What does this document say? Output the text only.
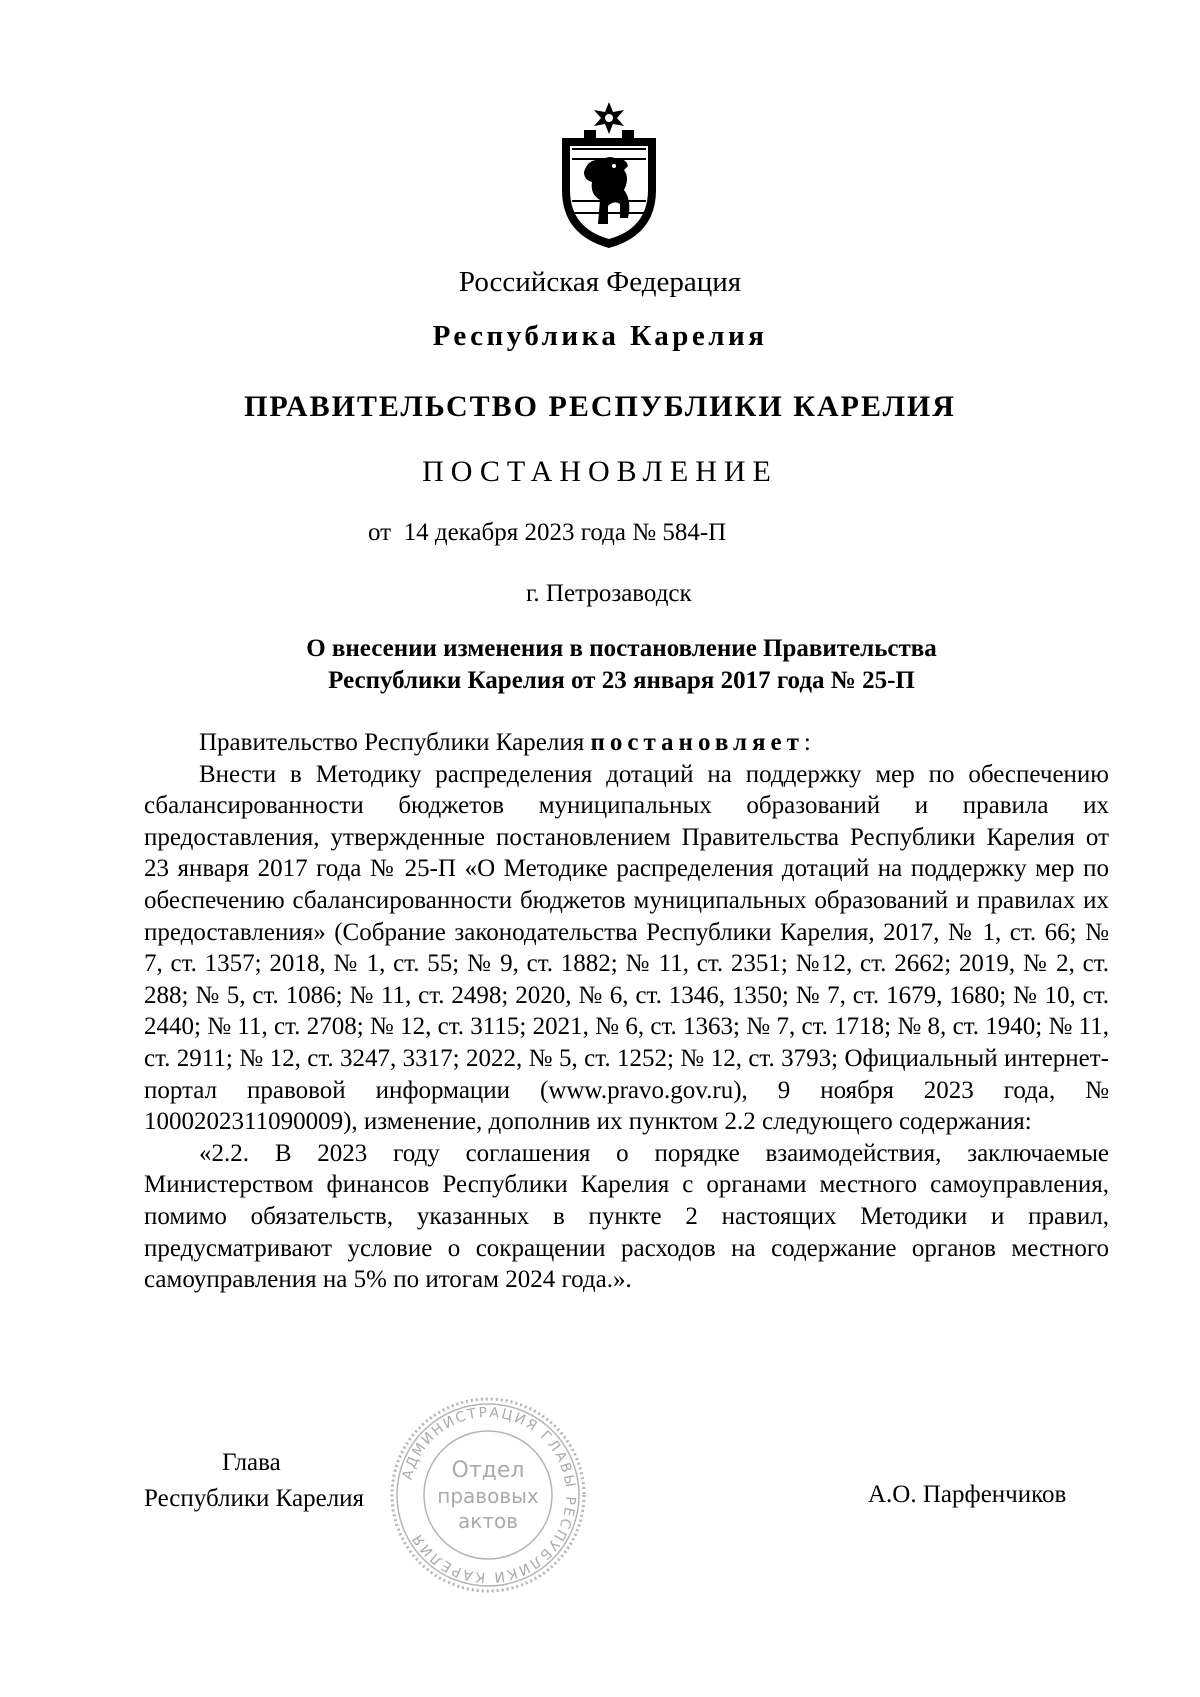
Российская Федерация
Республика Карелия
ПРАВИТЕЛЬСТВО РЕСПУБЛИКИ КАРЕЛИЯ
ПОСТАНОВЛЕНИЕ
от  14 декабря 2023 года № 584-П
г. Петрозаводск
О внесении изменения в постановление Правительства
Республики Карелия от 23 января 2017 года № 25-П

Правительство Республики Карелия постановляет:

Внести в Методику распределения дотаций на поддержку мер по обеспечению сбалансированности бюджетов муниципальных образований и правила их предоставления, утвержденные постановлением Правительства Республики Карелия от 23 января 2017 года № 25-П «О Методике распределения дотаций на поддержку мер по обеспечению сбалансированности бюджетов муниципальных образований и правилах их предоставления» (Собрание законодательства Республики Карелия, 2017, № 1, ст. 66; № 7, ст. 1357; 2018, № 1, ст. 55; № 9, ст. 1882; № 11, ст. 2351; №12, ст. 2662; 2019, № 2, ст. 288; № 5, ст. 1086; № 11, ст. 2498; 2020, № 6, ст. 1346, 1350; № 7, ст. 1679, 1680; № 10, ст. 2440; № 11, ст. 2708; № 12, ст. 3115; 2021, № 6, ст. 1363; № 7, ст. 1718; № 8, ст. 1940; № 11, ст. 2911; № 12, ст. 3247, 3317; 2022, № 5, ст. 1252; № 12, ст. 3793; Официальный интернет-портал правовой информации (www.pravo.gov.ru), 9 ноября 2023 года, № 1000202311090009), изменение, дополнив их пунктом 2.2 следующего содержания:

«2.2. В 2023 году соглашения о порядке взаимодействия, заключаемые Министерством финансов Республики Карелия с органами местного самоуправления, помимо обязательств, указанных в пункте 2 настоящих Методики и правил, предусматривают условие о сокращении расходов на содержание органов местного самоуправления на 5% по итогам 2024 года.».

Глава
Республики Карелия	А.О. Парфенчиков
АДМИНИСТРАЦИЯ ГЛАВЫ РЕСПУБЛИКИ КАРЕЛИЯ
Отдел
правовых
актов
